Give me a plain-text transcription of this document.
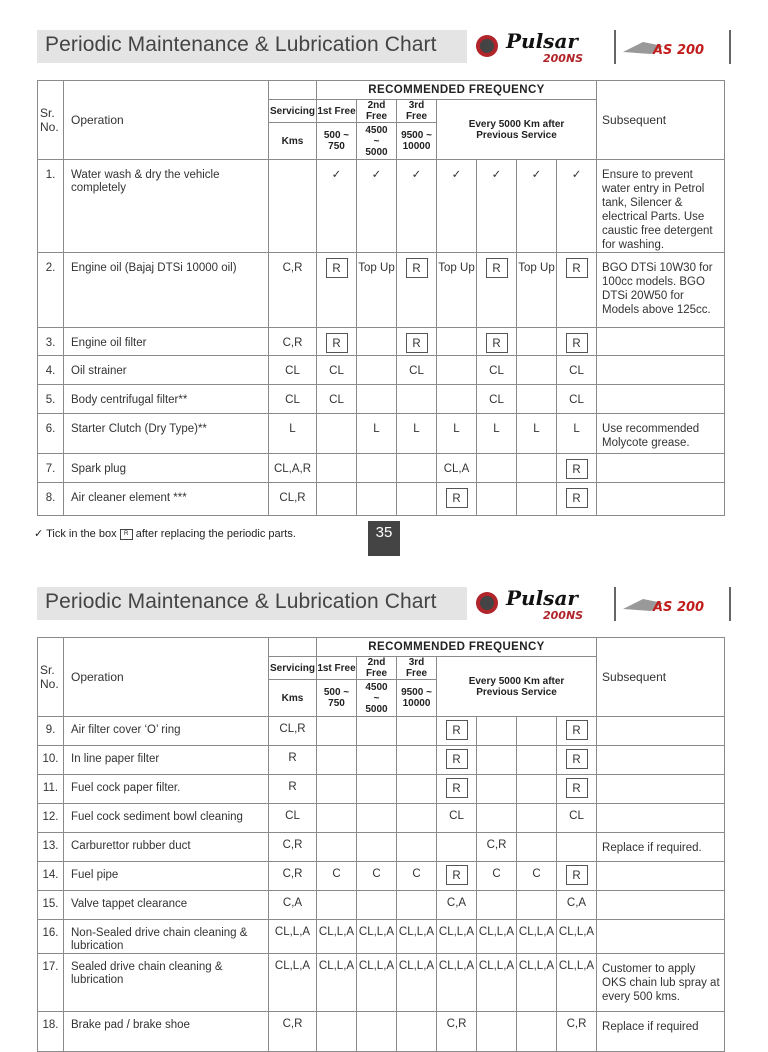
Periodic Maintenance & Lubrication Chart	Pulsar
200NS
AS 200
Sr. No.	Operation		RECOMMENDED FREQUENCY							Subsequent
		Servicing	1st Free	2nd Free	3rd Free	Every 5000 Km after Previous Service				
		Kms	500 ~ 750	4500 ~ 5000	9500 ~ 10000					
1.	Water wash & dry the vehicle completely		✓	✓	✓	✓	✓	✓	✓	Ensure to prevent water entry in Petrol tank, Silencer & electrical Parts. Use caustic free detergent for washing.
2.	Engine oil (Bajaj DTSi 10000 oil)	C,R	R	Top Up	R	Top Up	R	Top Up	R	BGO DTSi 10W30 for 100cc models. BGO DTSi 20W50 for Models above 125cc.
3.	Engine oil filter	C,R	R		R		R		R	
4.	Oil strainer	CL	CL		CL		CL		CL	
5.	Body centrifugal filter**	CL	CL				CL		CL	
6.	Starter Clutch (Dry Type)**	L		L	L	L	L	L	L	Use recommended Molycote grease.
7.	Spark plug	CL,A,R				CL,A			R	
8.	Air cleaner element ***	CL,R				R			R	
✓ Tick in the box R after replacing the periodic parts.	35
Periodic Maintenance & Lubrication Chart	Pulsar
200NS
AS 200
Sr. No.	Operation		RECOMMENDED FREQUENCY							Subsequent
		Servicing	1st Free	2nd Free	3rd Free	Every 5000 Km after Previous Service				
		Kms	500 ~ 750	4500 ~ 5000	9500 ~ 10000					
9.	Air filter cover ‘O’ ring	CL,R				R			R	
10.	In line paper filter	R				R			R	
11.	Fuel cock paper filter.	R				R			R	
12.	Fuel cock sediment bowl cleaning	CL				CL			CL	
13.	Carburettor rubber duct	C,R					C,R			Replace if required.
14.	Fuel pipe	C,R	C	C	C	R	C	C	R	
15.	Valve tappet clearance	C,A				C,A			C,A	
16.	Non-Sealed drive chain cleaning & lubrication	CL,L,A	CL,L,A	CL,L,A	CL,L,A	CL,L,A	CL,L,A	CL,L,A	CL,L,A	
17.	Sealed drive chain cleaning & lubrication	CL,L,A	CL,L,A	CL,L,A	CL,L,A	CL,L,A	CL,L,A	CL,L,A	CL,L,A	Customer to apply OKS chain lub spray at every 500 kms.
18.	Brake pad / brake shoe	C,R				C,R			C,R	Replace if required
